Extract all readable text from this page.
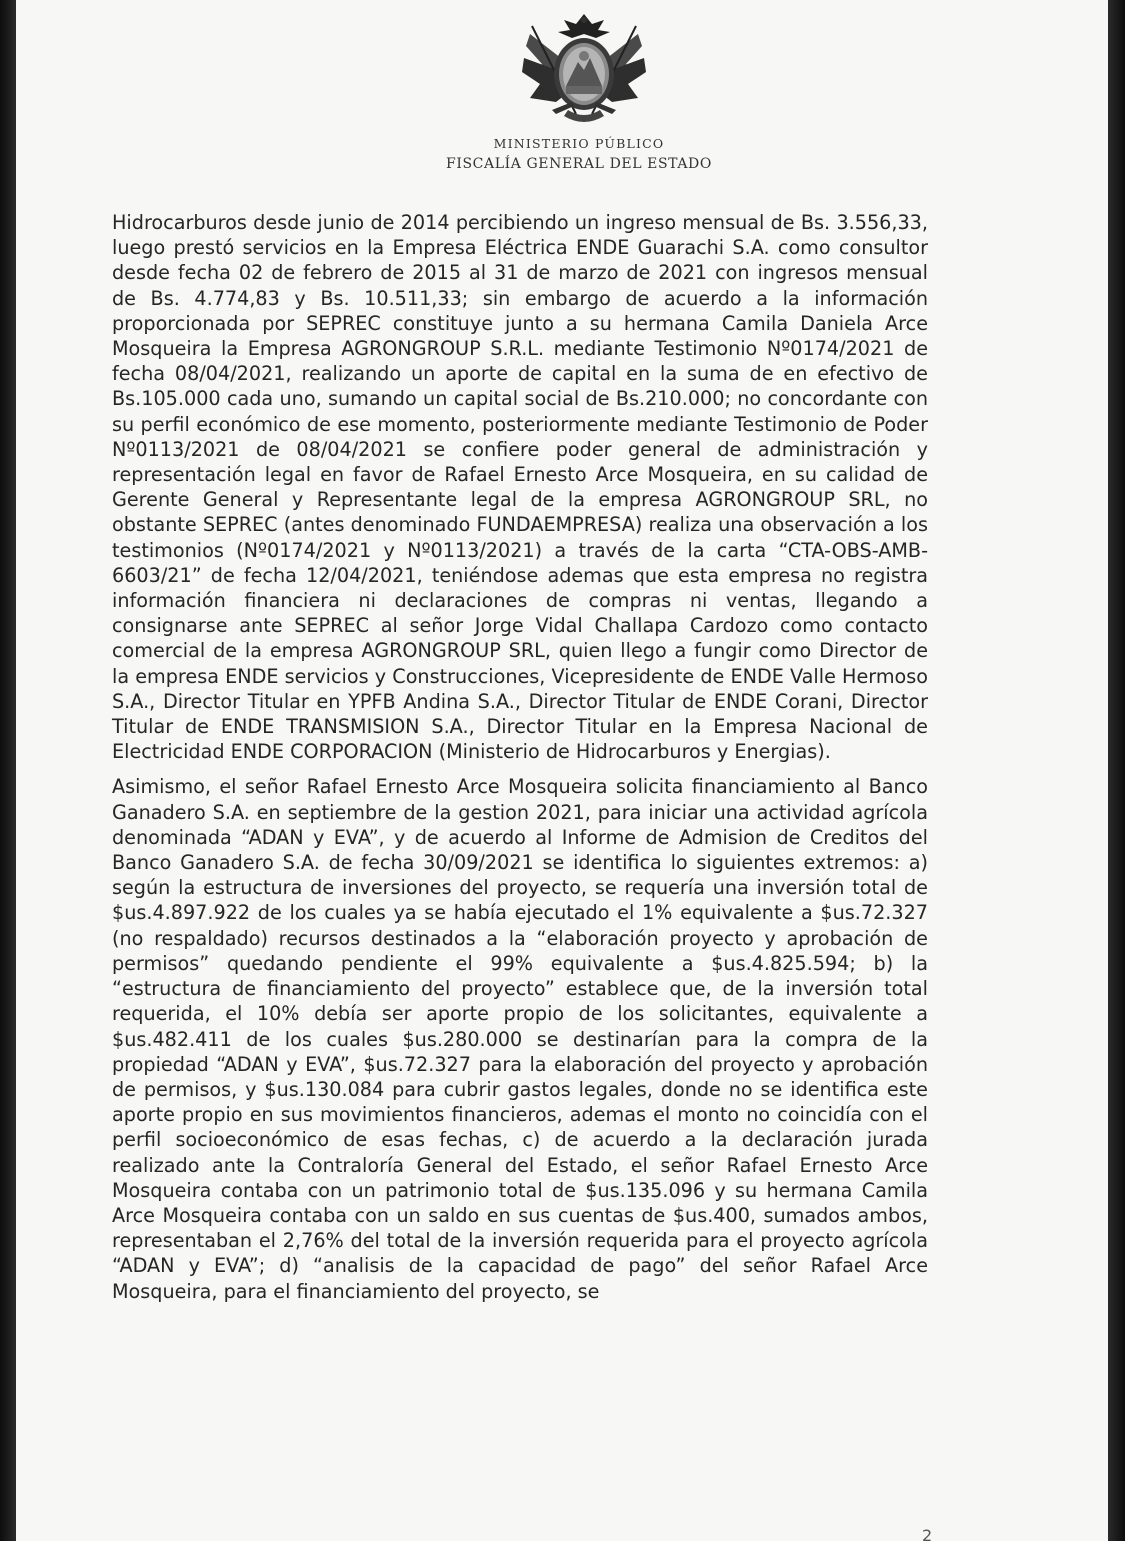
MINISTERIO PÚBLICO
FISCALÍA GENERAL DEL ESTADO

Hidrocarburos desde junio de 2014 percibiendo un ingreso mensual de Bs. 3.556,33, luego prestó servicios en la Empresa Eléctrica ENDE Guarachi S.A. como consultor desde fecha 02 de febrero de 2015 al 31 de marzo de 2021 con ingresos mensual de Bs. 4.774,83 y Bs. 10.511,33; sin embargo de acuerdo a la información proporcionada por SEPREC constituye junto a su hermana Camila Daniela Arce Mosqueira la Empresa AGRONGROUP S.R.L. mediante Testimonio Nº0174/2021 de fecha 08/04/2021, realizando un aporte de capital en la suma de en efectivo de Bs.105.000 cada uno, sumando un capital social de Bs.210.000; no concordante con su perfil económico de ese momento, posteriormente mediante Testimonio de Poder Nº0113/2021 de 08/04/2021 se confiere poder general de administración y representación legal en favor de Rafael Ernesto Arce Mosqueira, en su calidad de Gerente General y Representante legal de la empresa AGRONGROUP SRL, no obstante SEPREC (antes denominado FUNDAEMPRESA) realiza una observación a los testimonios (Nº0174/2021 y Nº0113/2021) a través de la carta “CTA-OBS-AMB-6603/21” de fecha 12/04/2021, teniéndose ademas que esta empresa no registra información financiera ni declaraciones de compras ni ventas, llegando a consignarse ante SEPREC al señor Jorge Vidal Challapa Cardozo como contacto comercial de la empresa AGRONGROUP SRL, quien llego a fungir como Director de la empresa ENDE servicios y Construcciones, Vicepresidente de ENDE Valle Hermoso S.A., Director Titular en YPFB Andina S.A., Director Titular de ENDE Corani, Director Titular de ENDE TRANSMISION S.A., Director Titular en la Empresa Nacional de Electricidad ENDE CORPORACION (Ministerio de Hidrocarburos y Energias).

Asimismo, el señor Rafael Ernesto Arce Mosqueira solicita financiamiento al Banco Ganadero S.A. en septiembre de la gestion 2021, para iniciar una actividad agrícola denominada “ADAN y EVA”, y de acuerdo al Informe de Admision de Creditos del Banco Ganadero S.A. de fecha 30/09/2021 se identifica lo siguientes extremos: a) según la estructura de inversiones del proyecto, se requería una inversión total de $us.4.897.922 de los cuales ya se había ejecutado el 1% equivalente a $us.72.327 (no respaldado) recursos destinados a la “elaboración proyecto y aprobación de permisos” quedando pendiente el 99% equivalente a $us.4.825.594; b) la “estructura de financiamiento del proyecto” establece que, de la inversión total requerida, el 10% debía ser aporte propio de los solicitantes, equivalente a $us.482.411 de los cuales $us.280.000 se destinarían para la compra de la propiedad “ADAN y EVA”, $us.72.327 para la elaboración del proyecto y aprobación de permisos, y $us.130.084 para cubrir gastos legales, donde no se identifica este aporte propio en sus movimientos financieros, ademas el monto no coincidía con el perfil socioeconómico de esas fechas, c) de acuerdo a la declaración jurada realizado ante la Contraloría General del Estado, el señor Rafael Ernesto Arce Mosqueira contaba con un patrimonio total de $us.135.096 y su hermana Camila Arce Mosqueira contaba con un saldo en sus cuentas de $us.400, sumados ambos, representaban el 2,76% del total de la inversión requerida para el proyecto agrícola “ADAN y EVA”; d) “analisis de la capacidad de pago” del señor Rafael Arce Mosqueira, para el financiamiento del proyecto, se

2
